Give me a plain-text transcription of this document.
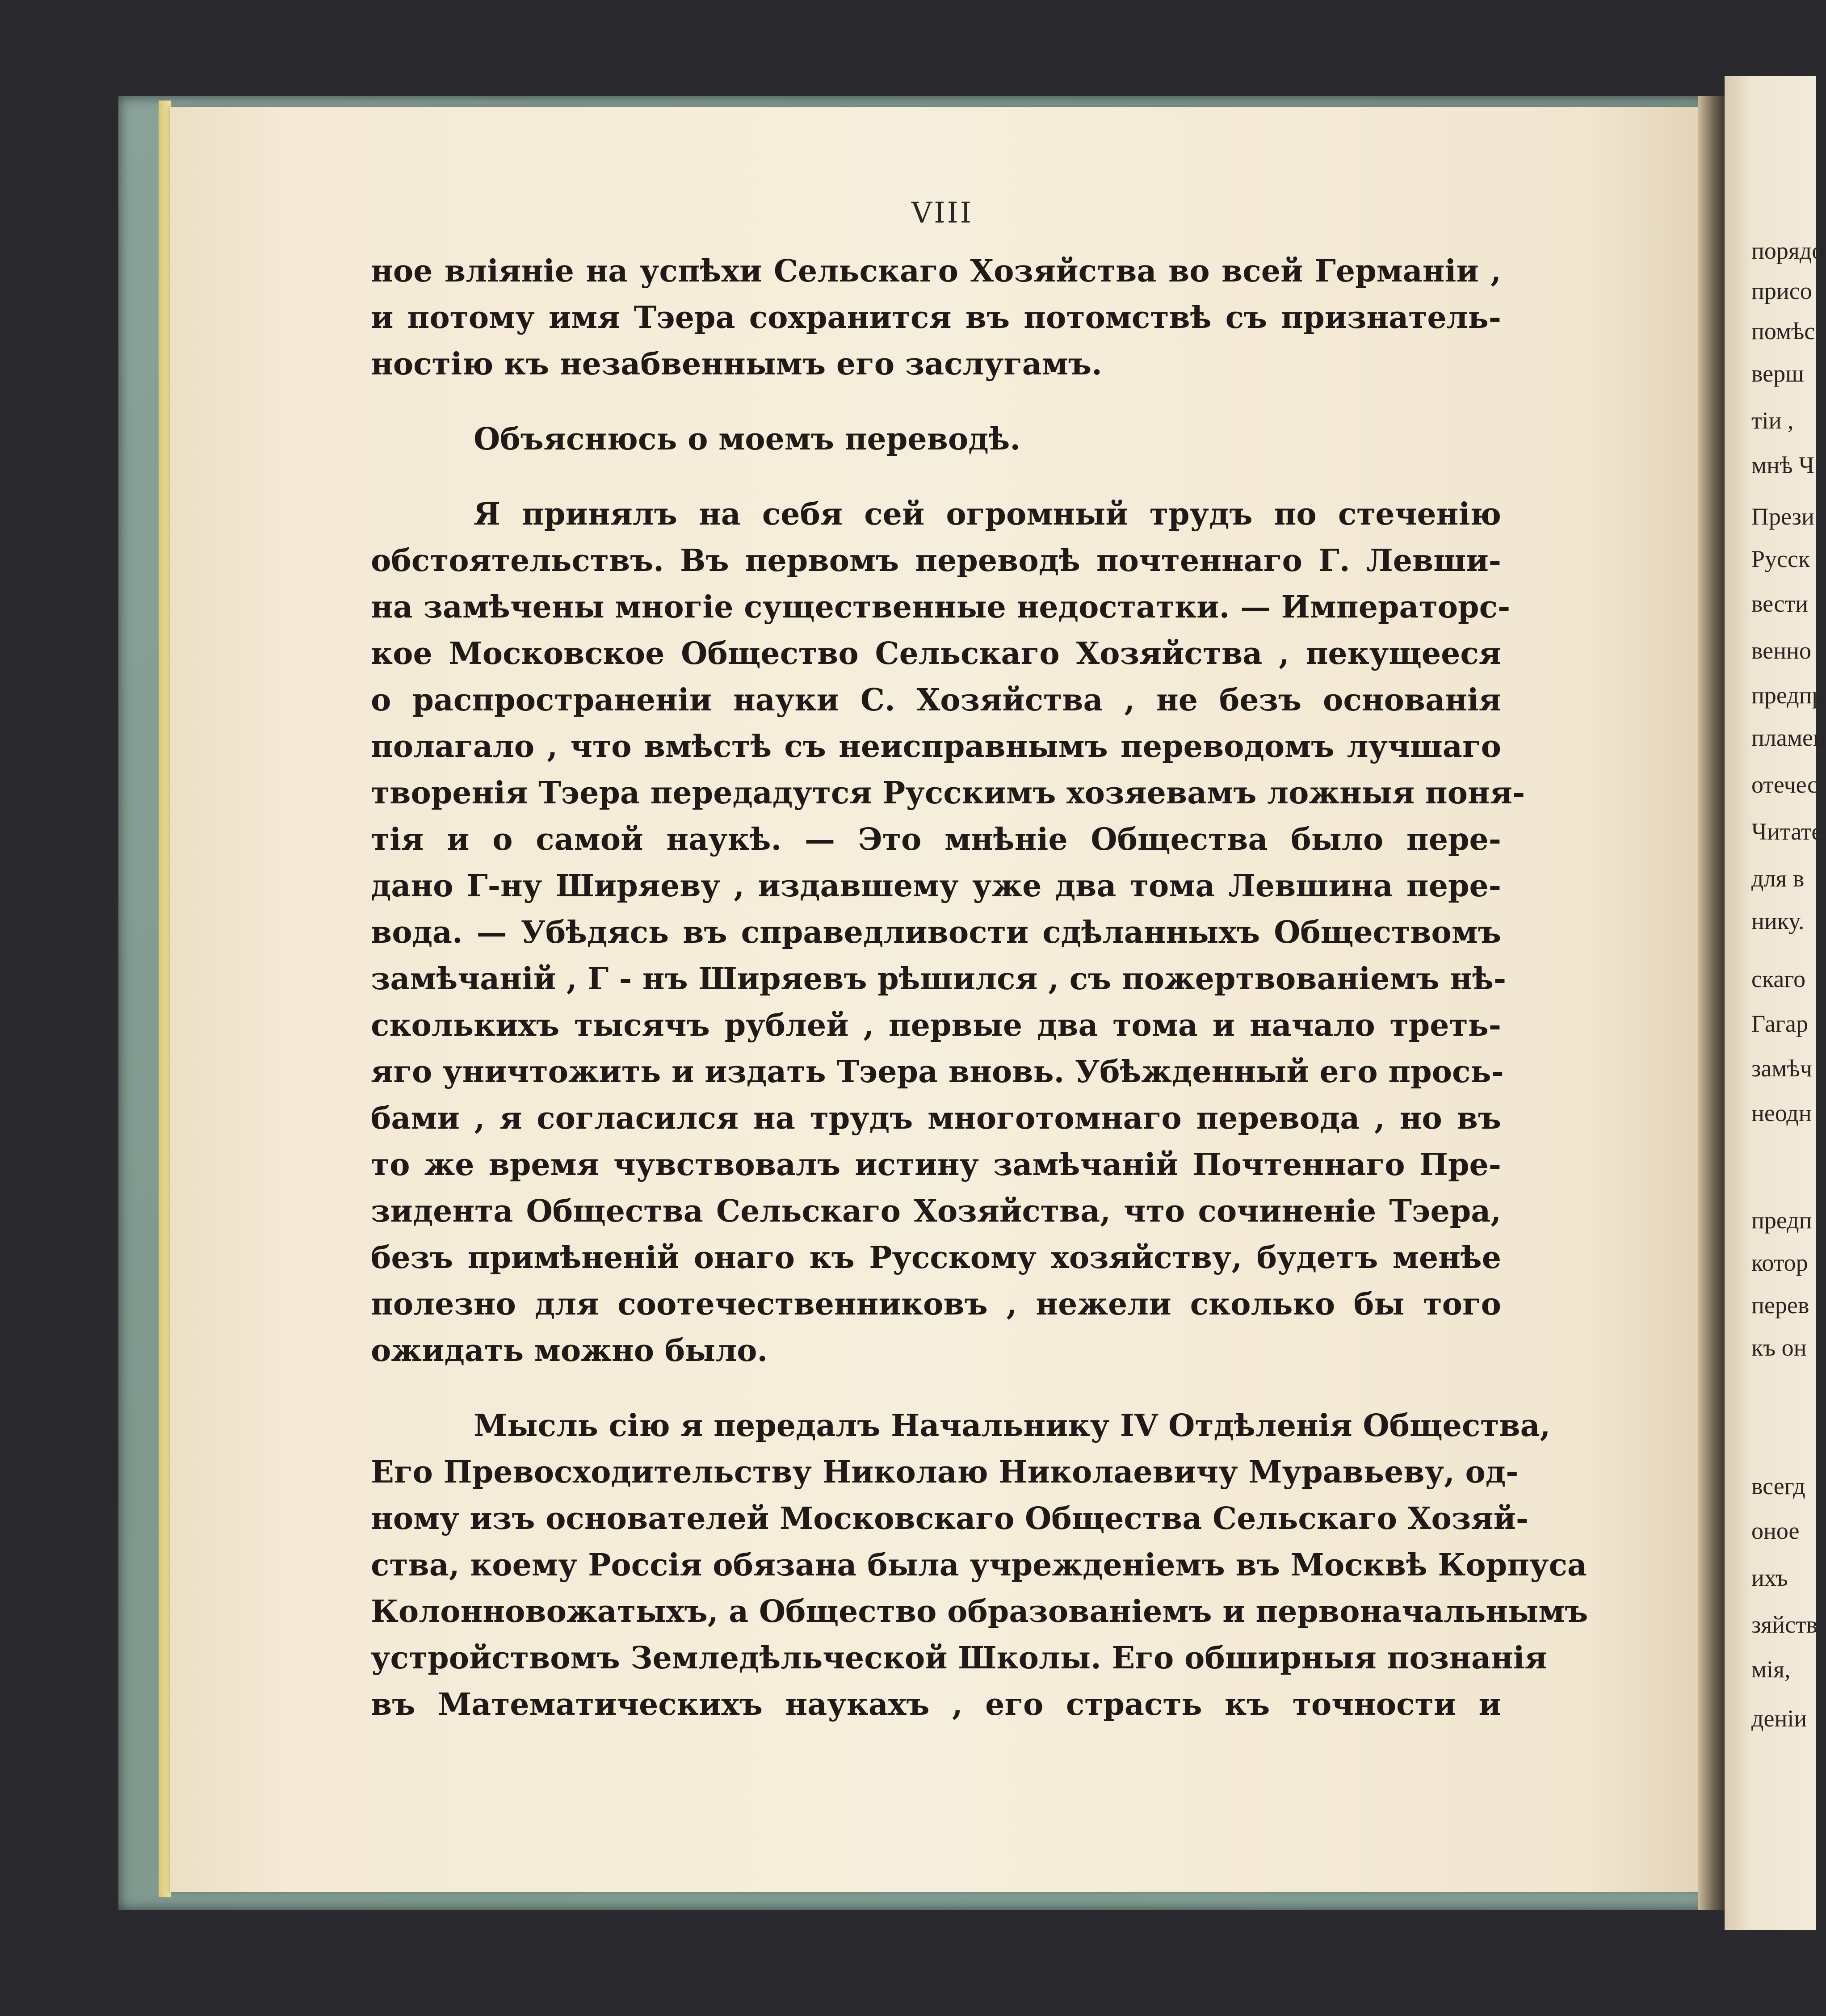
порядо
присо
помѣс
верш
тiи ,
мнѣ Ч
Прези
Русск
вести
венно
предпр
пламен
отечес
Читате
для в
нику.
скаго
Гагар
замѣч
неодн
предп
котор
перев
къ он
всегд
оное
ихъ
зяйств
мiя,
денiи
VIII
ное влiянiе на успѣхи Сельскаго Хозяйства во всей Германiи ,
и потому имя Тэера сохранится въ потомствѣ съ признатель-
ностiю къ незабвеннымъ его заслугамъ.
Объяснюсь о моемъ переводѣ.
Я принялъ на себя сей огромный трудъ по стеченiю
обстоятельствъ. Въ первомъ переводѣ почтеннаго Г. Левши-
на замѣчены многiе существенные недостатки. — Императорс-
кое Московское Общество Сельскаго Хозяйства , пекущееся
о распространенiи науки С. Хозяйства , не безъ основанiя
полагало , что вмѣстѣ съ неисправнымъ переводомъ лучшаго
творенiя Тэера передадутся Русскимъ хозяевамъ ложныя поня-
тiя и о самой наукѣ. — Это мнѣнiе Общества было пере-
дано Г-ну Ширяеву , издавшему уже два тома Левшина пере-
вода. — Убѣдясь въ справедливости сдѣланныхъ Обществомъ
замѣчанiй , Г - нъ Ширяевъ рѣшился , съ пожертвованiемъ нѣ-
сколькихъ тысячъ рублей , первые два тома и начало треть-
яго уничтожить и издать Тэера вновь. Убѣжденный его прось-
бами , я согласился на трудъ многотомнаго перевода , но въ
то же время чувствовалъ истину замѣчанiй Почтеннаго Пре-
зидента Общества Сельскаго Хозяйства, что сочиненiе Тэера,
безъ примѣненiй онаго къ Русскому хозяйству, будетъ менѣе
полезно для соотечественниковъ , нежели сколько бы того
ожидать можно было.
Мысль сiю я передалъ Начальнику IV Отдѣленiя Общества,
Его Превосходительству Николаю Николаевичу Муравьеву, од-
ному изъ основателей Московскаго Общества Сельскаго Хозяй-
ства, коему Россiя обязана была учрежденiемъ въ Москвѣ Корпуса
Колонновожатыхъ, а Общество образованiемъ и первоначальнымъ
устройствомъ Земледѣльческой Школы. Его обширныя познанiя
въ Математическихъ наукахъ , его страсть къ точности и
